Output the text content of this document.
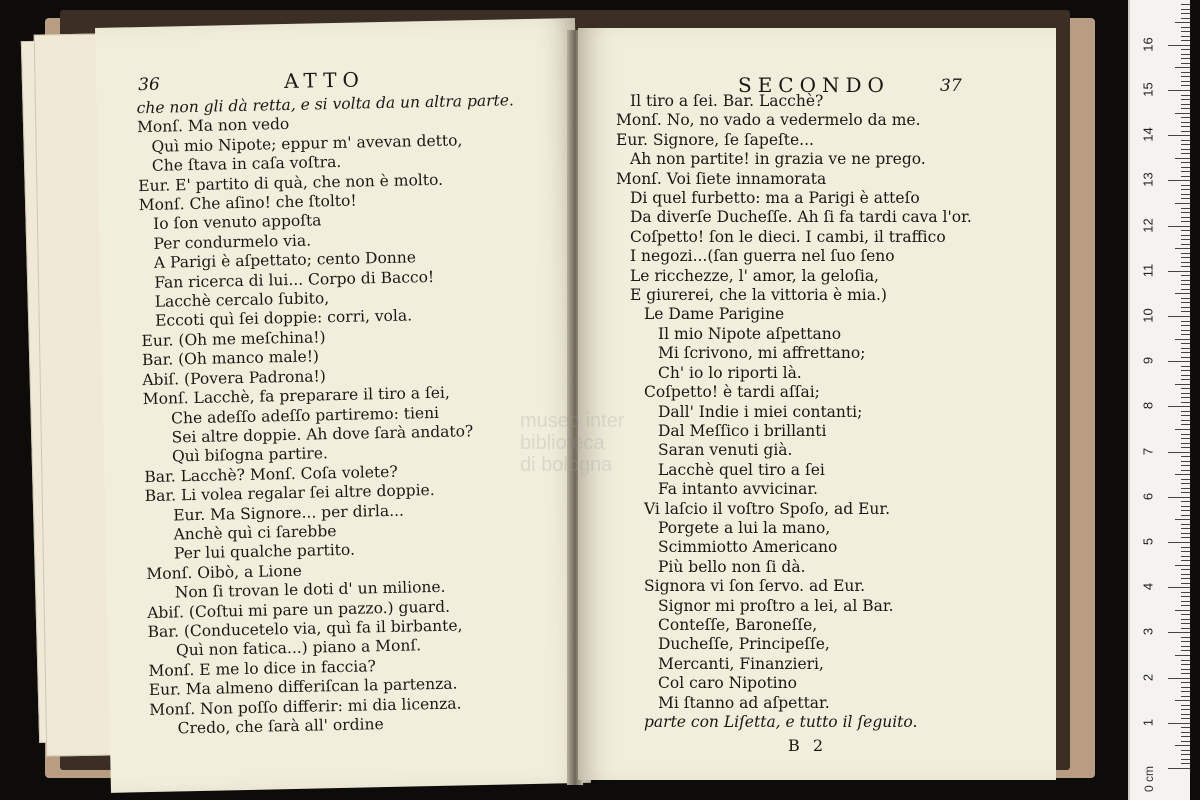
36	ATTO
che non gli dà retta, e si volta da un altra parte.
Monſ. Ma non vedo
Quì mio Nipote; eppur m' avevan detto,
Che ſtava in caſa voſtra.
Eur. E' partito di quà, che non è molto.
Monſ. Che aſino! che ſtolto!
Io ſon venuto appoſta
Per condurmelo via.
A Parigi è aſpettato; cento Donne
Fan ricerca di lui... Corpo di Bacco!
Lacchè cercalo ſubito,
Eccoti quì ſei doppie: corri, vola.
Eur. (Oh me meſchina!)
Bar. (Oh manco male!)
Abiſ. (Povera Padrona!)
Monſ. Lacchè, fa preparare il tiro a ſei,
Che adeſſo adeſſo partiremo: tieni
Sei altre doppie. Ah dove ſarà andato?
Quì biſogna partire.
Bar. Lacchè? Monſ. Coſa volete?
Bar. Li volea regalar ſei altre doppie.
Eur. Ma Signore... per dirla...
Anchè quì ci ſarebbe
Per lui qualche partito.
Monſ. Oibò, a Lione
Non ſi trovan le doti d' un milione.
Abiſ. (Coſtui mi pare un pazzo.) guard.
Bar. (Conducetelo via, quì fa il birbante,
Quì non fatica...) piano a Monſ.
Monſ. E me lo dice in faccia?
Eur. Ma almeno differiſcan la partenza.
Monſ. Non poſſo differir: mi dia licenza.
Credo, che ſarà all' ordine
SECONDO	37
Il tiro a ſei. Bar. Lacchè?
Monſ. No, no vado a vedermelo da me.
Eur. Signore, ſe ſapeſte...
Ah non partite! in grazia ve ne prego.
Monſ. Voi ſiete innamorata
Di quel furbetto: ma a Parigi è atteſo
Da diverſe Ducheſſe. Ah ſi fa tardi cava l'or.
Coſpetto! ſon le dieci. I cambi, il traffico
I negozi...(ſan guerra nel ſuo ſeno
Le ricchezze, l' amor, la geloſia,
E giurerei, che la vittoria è mia.)
Le Dame Parigine
Il mio Nipote aſpettano
Mi ſcrivono, mi affrettano;
Ch' io lo riporti là.
Coſpetto! è tardi aſſai;
Dall' Indie i miei contanti;
Dal Meſſico i brillanti
Saran venuti già.
Lacchè quel tiro a ſei
Fa intanto avvicinar.
Vi laſcio il voſtro Spoſo, ad Eur.
Porgete a lui la mano,
Scimmiotto Americano
Più bello non ſi dà.
Signora vi ſon ſervo. ad Eur.
Signor mi proſtro a lei, al Bar.
Conteſſe, Baroneſſe,
Ducheſſe, Principeſſe,
Mercanti, Finanzieri,
Col caro Nipotino
Mi ſtanno ad aſpettar.
parte con Liſetta, e tutto il ſeguito.
B 2
museo inter
biblioteca
di bologna
0 cm
1
2
3
4
5
6
7
8
9
10
11
12
13
14
15
16
